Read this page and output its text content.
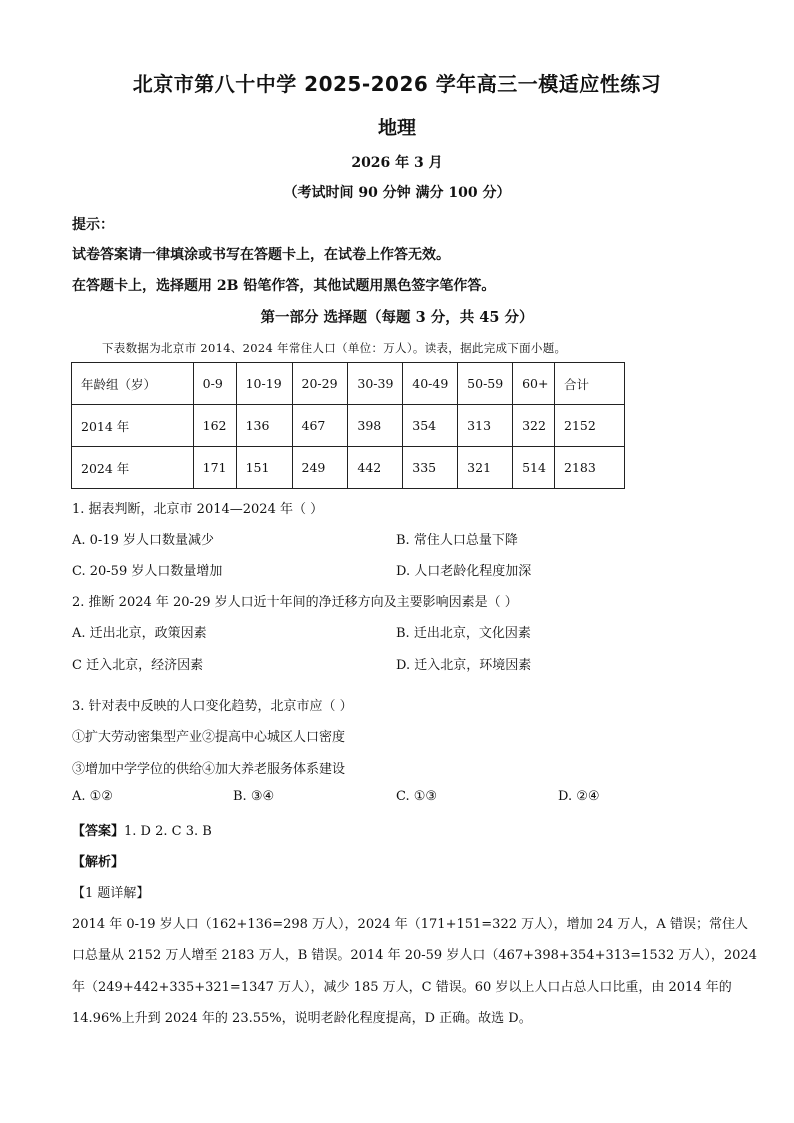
北京市第八十中学 2025-2026 学年高三一模适应性练习
地理
2026 年 3 月
（考试时间 90 分钟 满分 100 分）
提示：
试卷答案请一律填涂或书写在答题卡上，在试卷上作答无效。
在答题卡上，选择题用 2B 铅笔作答，其他试题用黑色签字笔作答。
第一部分 选择题（每题 3 分，共 45 分）
下表数据为北京市 2014、2024 年常住人口（单位：万人）。读表，据此完成下面小题。
年龄组（岁）	0-9	10-19	20-29	30-39	40-49	50-59	60+	合计
2014 年	162	136	467	398	354	313	322	2152
2024 年	171	151	249	442	335	321	514	2183
1. 据表判断，北京市 2014—2024 年（ ）
A. 0-19 岁人口数量减少	B. 常住人口总量下降
C. 20-59 岁人口数量增加	D. 人口老龄化程度加深
2. 推断 2024 年 20-29 岁人口近十年间的净迁移方向及主要影响因素是（ ）
A. 迁出北京，政策因素	B. 迁出北京，文化因素
C 迁入北京，经济因素	D. 迁入北京，环境因素
3. 针对表中反映的人口变化趋势，北京市应（ ）
①扩大劳动密集型产业②提高中心城区人口密度
③增加中学学位的供给④加大养老服务体系建设
A. ①②	B. ③④	C. ①③	D. ②④
【答案】1. D 2. C 3. B
【解析】
【1 题详解】
2014 年 0-19 岁人口（162+136=298 万人），2024 年（171+151=322 万人），增加 24 万人，A 错误；常住人
口总量从 2152 万人增至 2183 万人，B 错误。2014 年 20-59 岁人口（467+398+354+313=1532 万人），2024
年（249+442+335+321=1347 万人），减少 185 万人，C 错误。60 岁以上人口占总人口比重，由 2014 年的
14.96%上升到 2024 年的 23.55%，说明老龄化程度提高，D 正确。故选 D。
